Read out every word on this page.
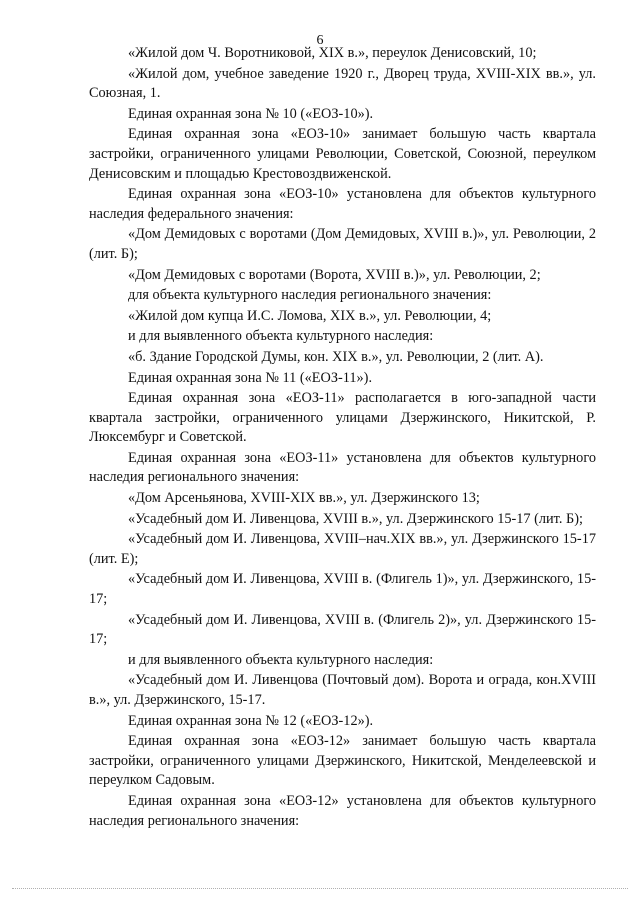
6

«Жилой дом Ч. Воротниковой, XIX в.», переулок Денисовский, 10;

«Жилой дом, учебное заведение 1920 г., Дворец труда, XVIII-XIX вв.», ул. Союзная, 1.

Единая охранная зона № 10 («ЕОЗ-10»).

Единая охранная зона «ЕОЗ-10» занимает большую часть квартала застройки, ограниченного улицами Революции, Советской, Союзной, переулком Денисовским и площадью Крестовоздвиженской.

Единая охранная зона «ЕОЗ-10» установлена для объектов культурного наследия федерального значения:

«Дом Демидовых с воротами (Дом Демидовых, XVIII в.)», ул. Революции, 2 (лит. Б);

«Дом Демидовых с воротами (Ворота, XVIII в.)», ул. Революции, 2;

для объекта культурного наследия регионального значения:

«Жилой дом купца И.С. Ломова, XIX в.», ул. Революции, 4;

и для выявленного объекта культурного наследия:

«б. Здание Городской Думы, кон. XIX в.», ул. Революции, 2 (лит. А).

Единая охранная зона № 11 («ЕОЗ-11»).

Единая охранная зона «ЕОЗ-11» располагается в юго-западной части квартала застройки, ограниченного улицами Дзержинского, Никитской, Р. Люксембург и Советской.

Единая охранная зона «ЕОЗ-11» установлена для объектов культурного наследия регионального значения:

«Дом Арсеньянова, XVIII-XIX вв.», ул. Дзержинского 13;

«Усадебный дом И. Ливенцова, XVIII в.», ул. Дзержинского 15-17 (лит. Б);

«Усадебный дом И. Ливенцова, XVIII–нач.XIX вв.», ул. Дзержинского 15-17 (лит. Е);

«Усадебный дом И. Ливенцова, XVIII в. (Флигель 1)», ул. Дзержинского, 15-17;

«Усадебный дом И. Ливенцова, XVIII в. (Флигель 2)», ул. Дзержинского 15-17;

и для выявленного объекта культурного наследия:

«Усадебный дом И. Ливенцова (Почтовый дом). Ворота и ограда, кон.XVIII в.», ул. Дзержинского, 15-17.

Единая охранная зона № 12 («ЕОЗ-12»).

Единая охранная зона «ЕОЗ-12» занимает большую часть квартала застройки, ограниченного улицами Дзержинского, Никитской, Менделеевской и переулком Садовым.

Единая охранная зона «ЕОЗ-12» установлена для объектов культурного наследия регионального значения:
